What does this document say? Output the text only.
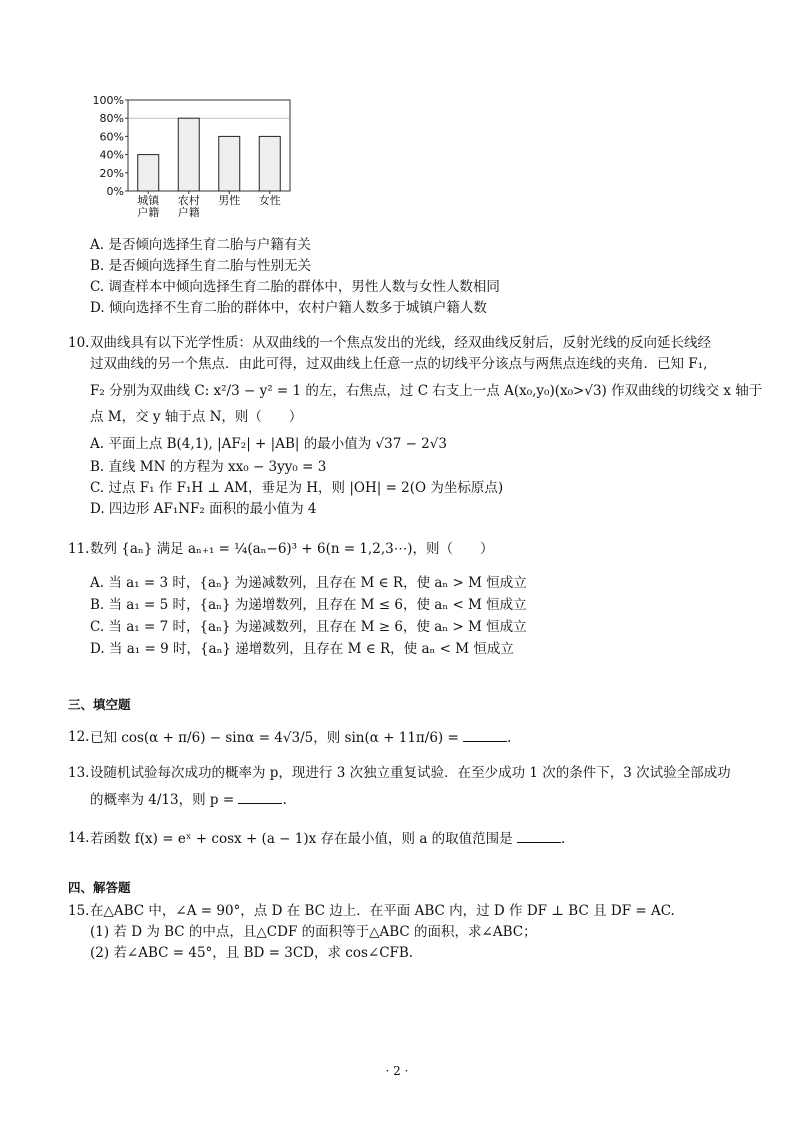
100%
80%
60%
40%
20%
0%
城镇
户籍
农村
户籍
男性 女性
A. 是否倾向选择生育二胎与户籍有关
B. 是否倾向选择生育二胎与性别无关
C. 调查样本中倾向选择生育二胎的群体中，男性人数与女性人数相同
D. 倾向选择不生育二胎的群体中，农村户籍人数多于城镇户籍人数
10. 双曲线具有以下光学性质：从双曲线的一个焦点发出的光线，经双曲线反射后，反射光线的反向延长线经
过双曲线的另一个焦点．由此可得，过双曲线上任意一点的切线平分该点与两焦点连线的夹角．已知 F₁,
F₂ 分别为双曲线 C: x²/3 − y² = 1 的左，右焦点，过 C 右支上一点 A(x₀,y₀)(x₀>√3) 作双曲线的切线交 x 轴于
点 M，交 y 轴于点 N，则（　　）
A. 平面上点 B(4,1), |AF₂| + |AB| 的最小值为 √37 − 2√3
B. 直线 MN 的方程为 xx₀ − 3yy₀ = 3
C. 过点 F₁ 作 F₁H ⊥ AM，垂足为 H，则 |OH| = 2(O 为坐标原点)
D. 四边形 AF₁NF₂ 面积的最小值为 4
11. 数列 {aₙ} 满足 aₙ₊₁ = ¼(aₙ−6)³ + 6(n = 1,2,3⋯)，则（　　）
A. 当 a₁ = 3 时，{aₙ} 为递减数列，且存在 M ∈ R，使 aₙ > M 恒成立
B. 当 a₁ = 5 时，{aₙ} 为递增数列，且存在 M ≤ 6，使 aₙ < M 恒成立
C. 当 a₁ = 7 时，{aₙ} 为递减数列，且存在 M ≥ 6，使 aₙ > M 恒成立
D. 当 a₁ = 9 时，{aₙ} 递增数列，且存在 M ∈ R，使 aₙ < M 恒成立
三、填空题
12. 已知 cos(α + π/6) − sinα = 4√3/5，则 sin(α + 11π/6) =	.
13. 设随机试验每次成功的概率为 p，现进行 3 次独立重复试验．在至少成功 1 次的条件下，3 次试验全部成功
的概率为 4/13，则 p =	.
14. 若函数 f(x) = eˣ + cosx + (a − 1)x 存在最小值，则 a 的取值范围是	.
四、解答题
15. 在△ABC 中，∠A = 90°，点 D 在 BC 边上．在平面 ABC 内，过 D 作 DF ⊥ BC 且 DF = AC.
(1) 若 D 为 BC 的中点，且△CDF 的面积等于△ABC 的面积，求∠ABC；
(2) 若∠ABC = 45°，且 BD = 3CD，求 cos∠CFB.
· 2 ·
